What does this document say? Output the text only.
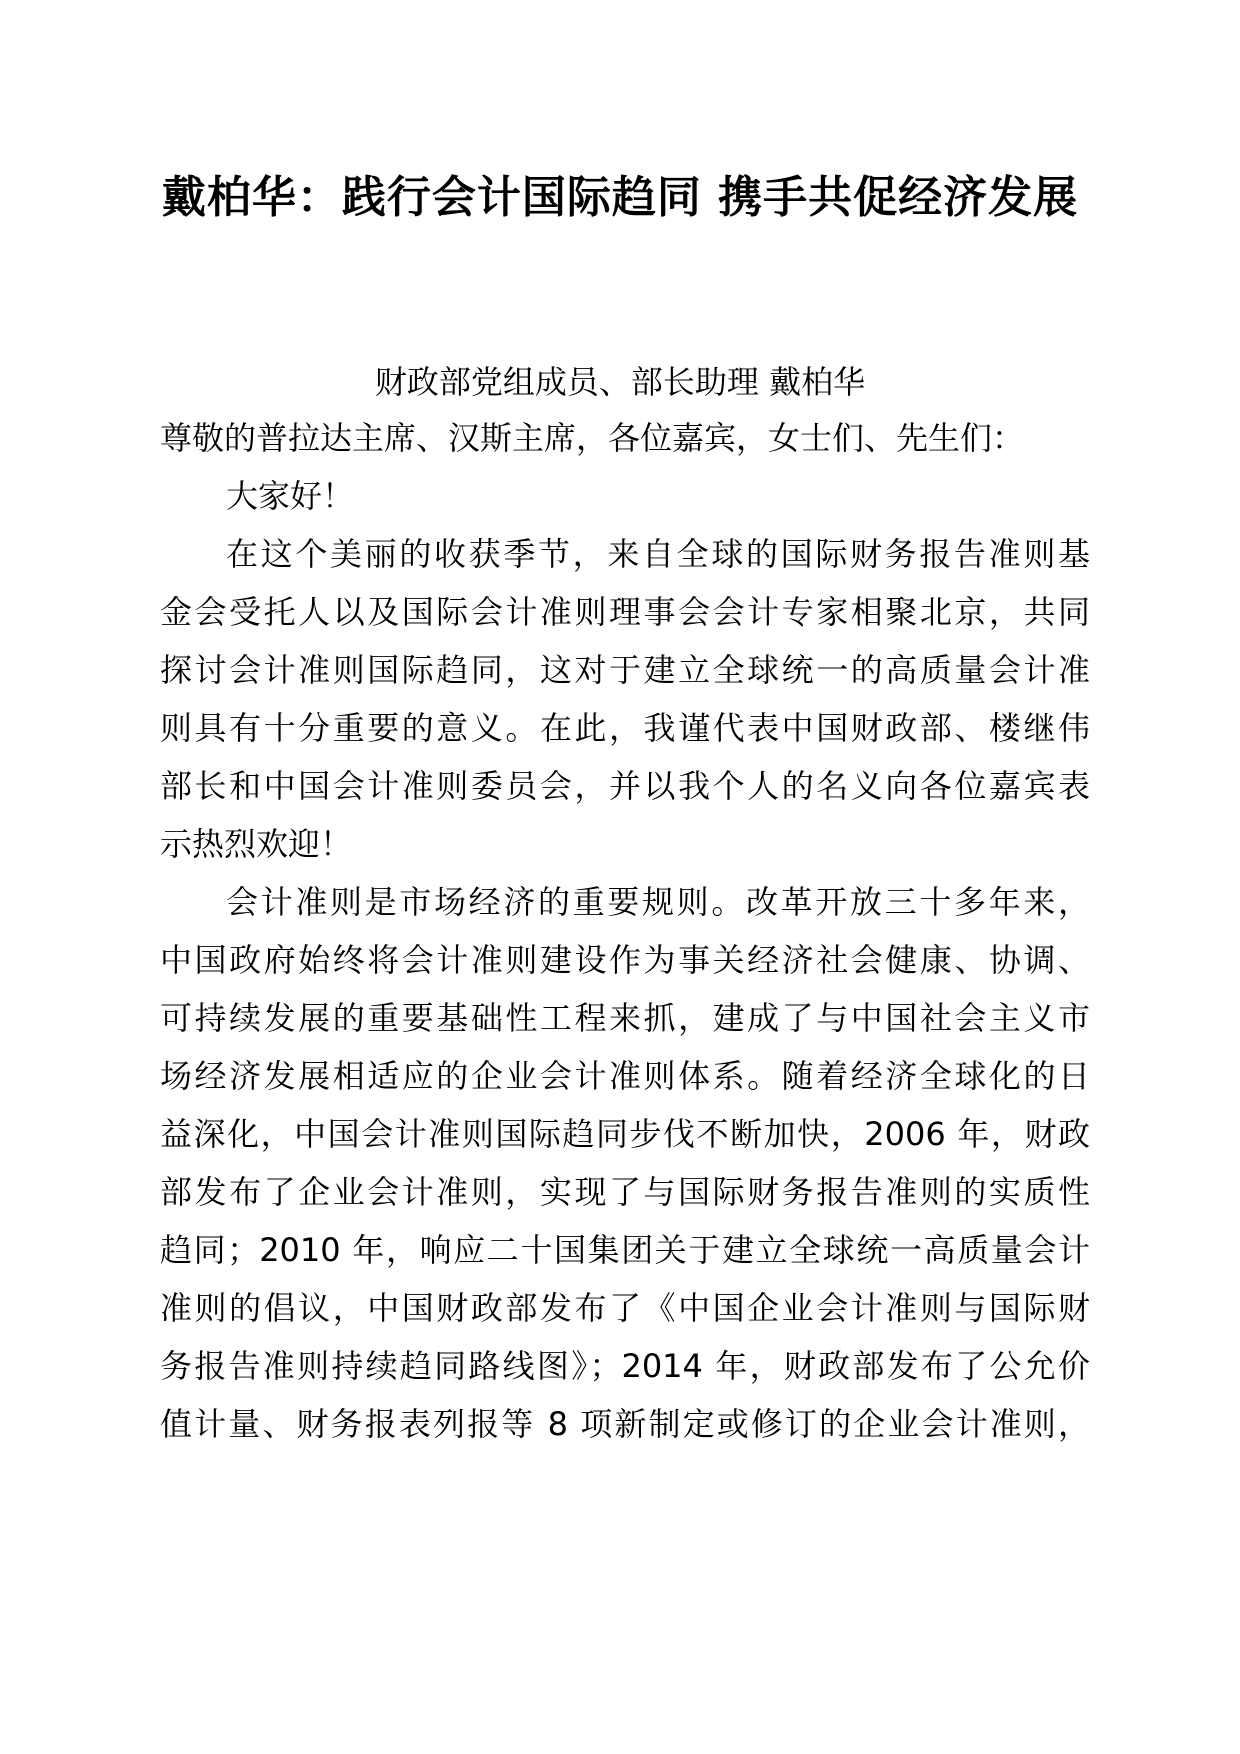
戴柏华：践行会计国际趋同 携手共促经济发展
财政部党组成员、部长助理 戴柏华
尊敬的普拉达主席、汉斯主席，各位嘉宾，女士们、先生们：
大家好！
在这个美丽的收获季节，来自全球的国际财务报告准则基
金会受托人以及国际会计准则理事会会计专家相聚北京，共同
探讨会计准则国际趋同，这对于建立全球统一的高质量会计准
则具有十分重要的意义。在此，我谨代表中国财政部、楼继伟
部长和中国会计准则委员会，并以我个人的名义向各位嘉宾表
示热烈欢迎！
会计准则是市场经济的重要规则。改革开放三十多年来，
中国政府始终将会计准则建设作为事关经济社会健康、协调、
可持续发展的重要基础性工程来抓，建成了与中国社会主义市
场经济发展相适应的企业会计准则体系。随着经济全球化的日
益深化，中国会计准则国际趋同步伐不断加快，2006 年，财政
部发布了企业会计准则，实现了与国际财务报告准则的实质性
趋同；2010 年，响应二十国集团关于建立全球统一高质量会计
准则的倡议，中国财政部发布了《中国企业会计准则与国际财
务报告准则持续趋同路线图》；2014 年，财政部发布了公允价
值计量、财务报表列报等 8 项新制定或修订的企业会计准则，
